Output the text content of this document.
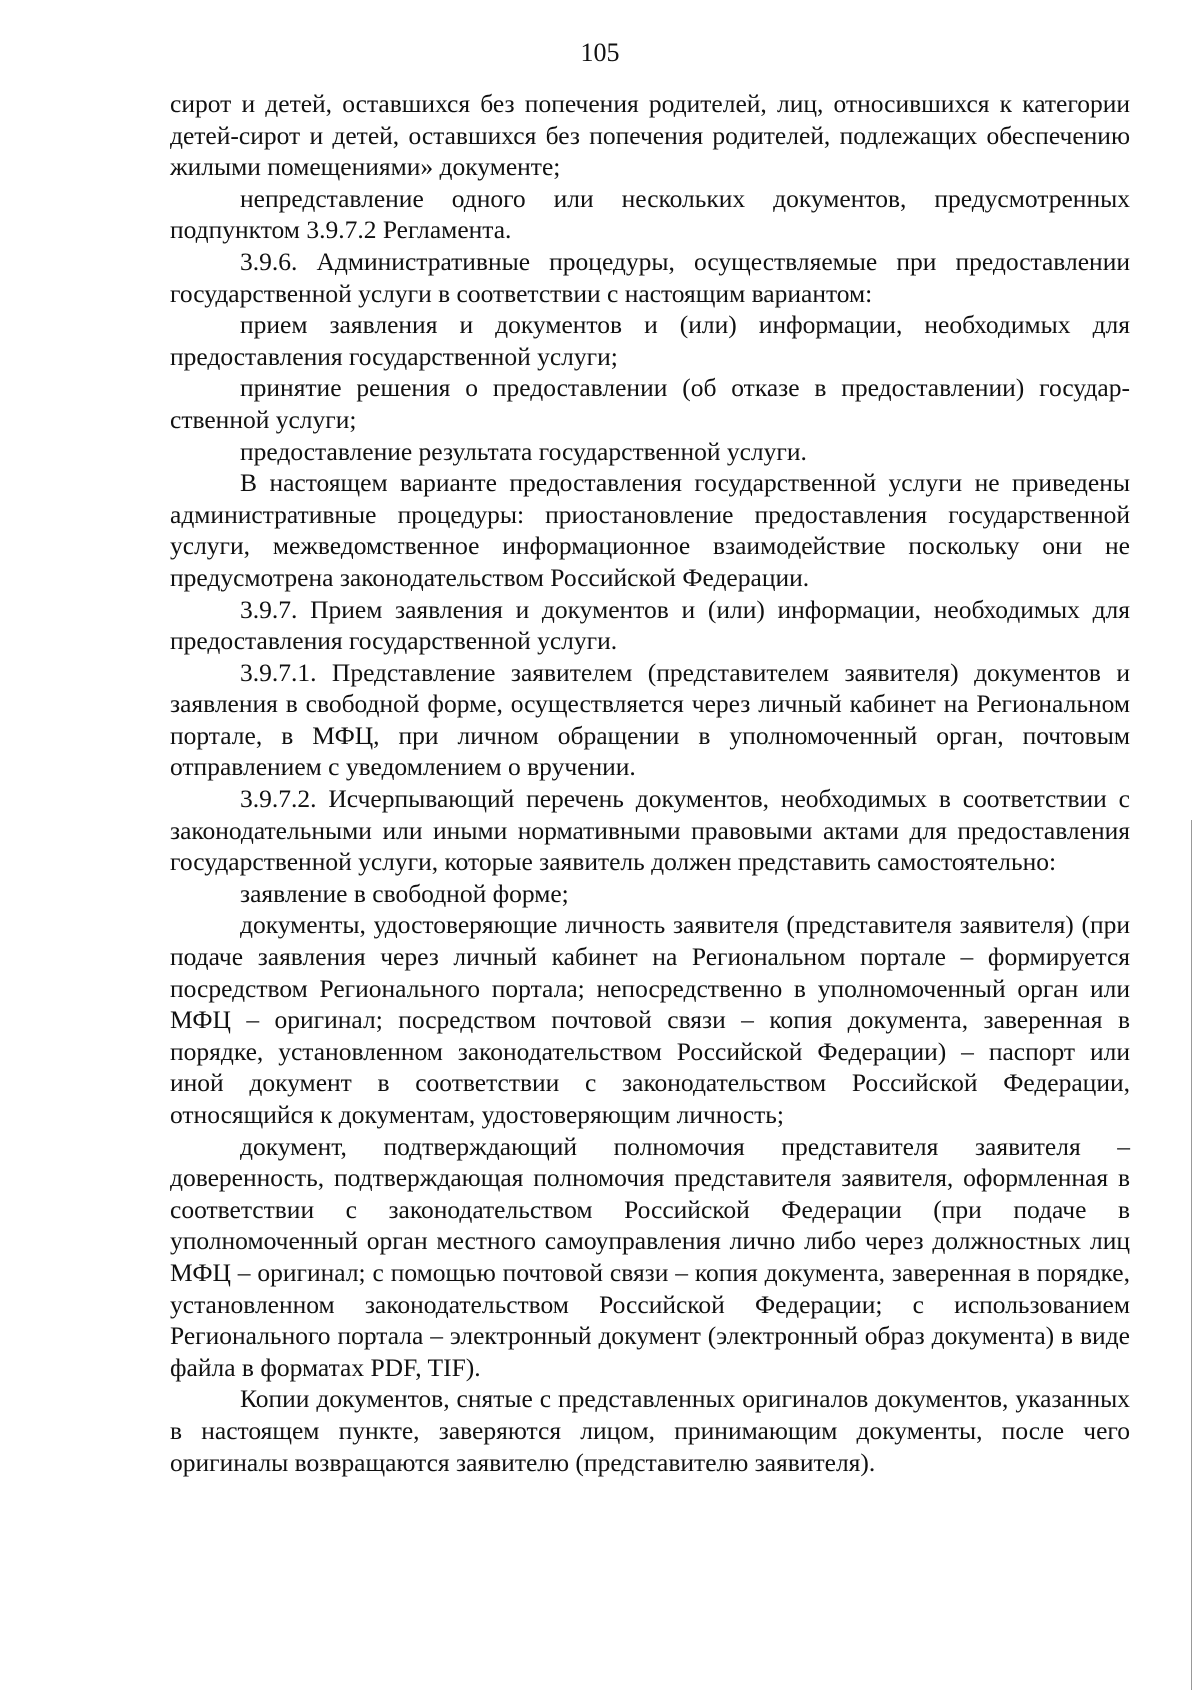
105

сирот и детей, оставшихся без попечения родителей, лиц, относившихся к категории детей-сирот и детей, оставшихся без попечения родителей, подлежащих обеспечению жилыми помещениями» документе;

непредставление одного или нескольких документов, предусмотренных подпунктом 3.9.7.2 Регламента.

3.9.6. Административные процедуры, осуществляемые при предоставлении государственной услуги в соответствии с настоящим вариантом:

прием заявления и документов и (или) информации, необходимых для предоставления государственной услуги;

принятие решения о предоставлении (об отказе в предоставлении) государственной услуги;

предоставление результата государственной услуги.

В настоящем варианте предоставления государственной услуги не приведены административные процедуры: приостановление предоставления государственной услуги, межведомственное информационное взаимодействие поскольку они не предусмотрена законодательством Российской Федерации.

3.9.7. Прием заявления и документов и (или) информации, необходимых для предоставления государственной услуги.

3.9.7.1. Представление заявителем (представителем заявителя) документов и заявления в свободной форме, осуществляется через личный кабинет на Региональном портале, в МФЦ, при личном обращении в уполномоченный орган, почтовым отправлением с уведомлением о вручении.

3.9.7.2. Исчерпывающий перечень документов, необходимых в соответствии с законодательными или иными нормативными правовыми актами для предоставления государственной услуги, которые заявитель должен представить самостоятельно:

заявление в свободной форме;

документы, удостоверяющие личность заявителя (представителя заявителя) (при подаче заявления через личный кабинет на Региональном портале – формируется посредством Регионального портала; непосредственно в уполномоченный орган или МФЦ – оригинал; посредством почтовой связи – копия документа, заверенная в порядке, установленном законодательством Российской Федерации) – паспорт или иной документ в соответствии с законодательством Российской Федерации, относящийся к документам, удостоверяющим личность;

документ, подтверждающий полномочия представителя заявителя – доверенность, подтверждающая полномочия представителя заявителя, оформленная в соответствии с законодательством Российской Федерации (при подаче в уполномоченный орган местного самоуправления лично либо через должностных лиц МФЦ – оригинал; с помощью почтовой связи – копия документа, заверенная в порядке, установленном законодательством Российской Федерации; с использованием Регионального портала – электронный документ (электронный образ документа) в виде файла в форматах PDF, TIF).

Копии документов, снятые с представленных оригиналов документов, указанных в настоящем пункте, заверяются лицом, принимающим документы, после чего оригиналы возвращаются заявителю (представителю заявителя).
